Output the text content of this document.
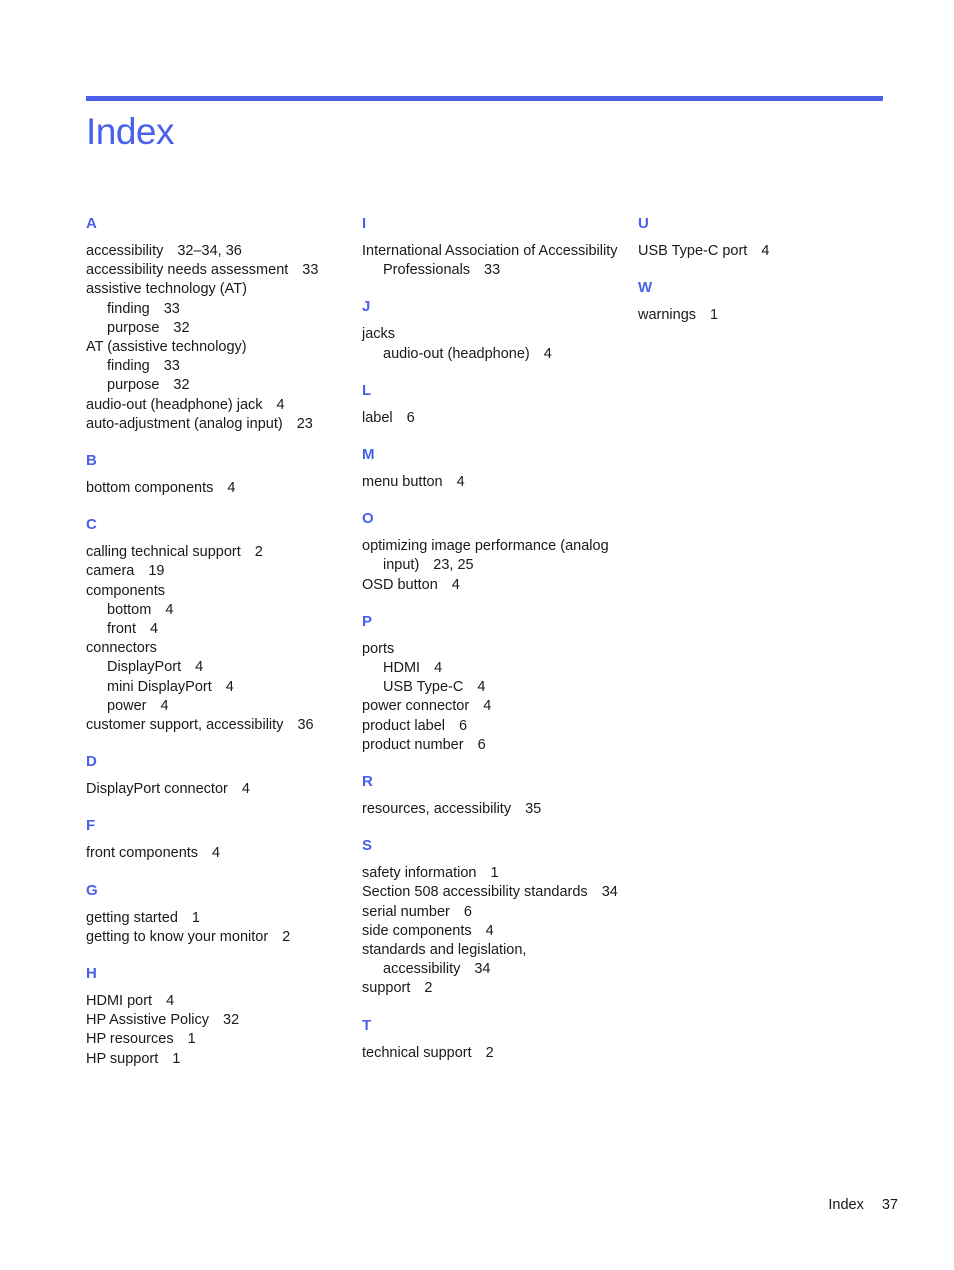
Index
A
accessibility 32–34, 36
accessibility needs assessment 33
assistive technology (AT)
finding 33
purpose 32
AT (assistive technology)
finding 33
purpose 32
audio-out (headphone) jack 4
auto-adjustment (analog input) 23
B
bottom components 4
C
calling technical support 2
camera 19
components
bottom 4
front 4
connectors
DisplayPort 4
mini DisplayPort 4
power 4
customer support, accessibility 36
D
DisplayPort connector 4
F
front components 4
G
getting started 1
getting to know your monitor 2
H
HDMI port 4
HP Assistive Policy 32
HP resources 1
HP support 1
I
International Association of Accessibility Professionals 33
J
jacks
audio-out (headphone) 4
L
label 6
M
menu button 4
O
optimizing image performance (analog input) 23, 25
OSD button 4
P
ports
HDMI 4
USB Type-C 4
power connector 4
product label 6
product number 6
R
resources, accessibility 35
S
safety information 1
Section 508 accessibility standards 34
serial number 6
side components 4
standards and legislation, accessibility 34
support 2
T
technical support 2
U
USB Type-C port 4
W
warnings 1
Index 37
